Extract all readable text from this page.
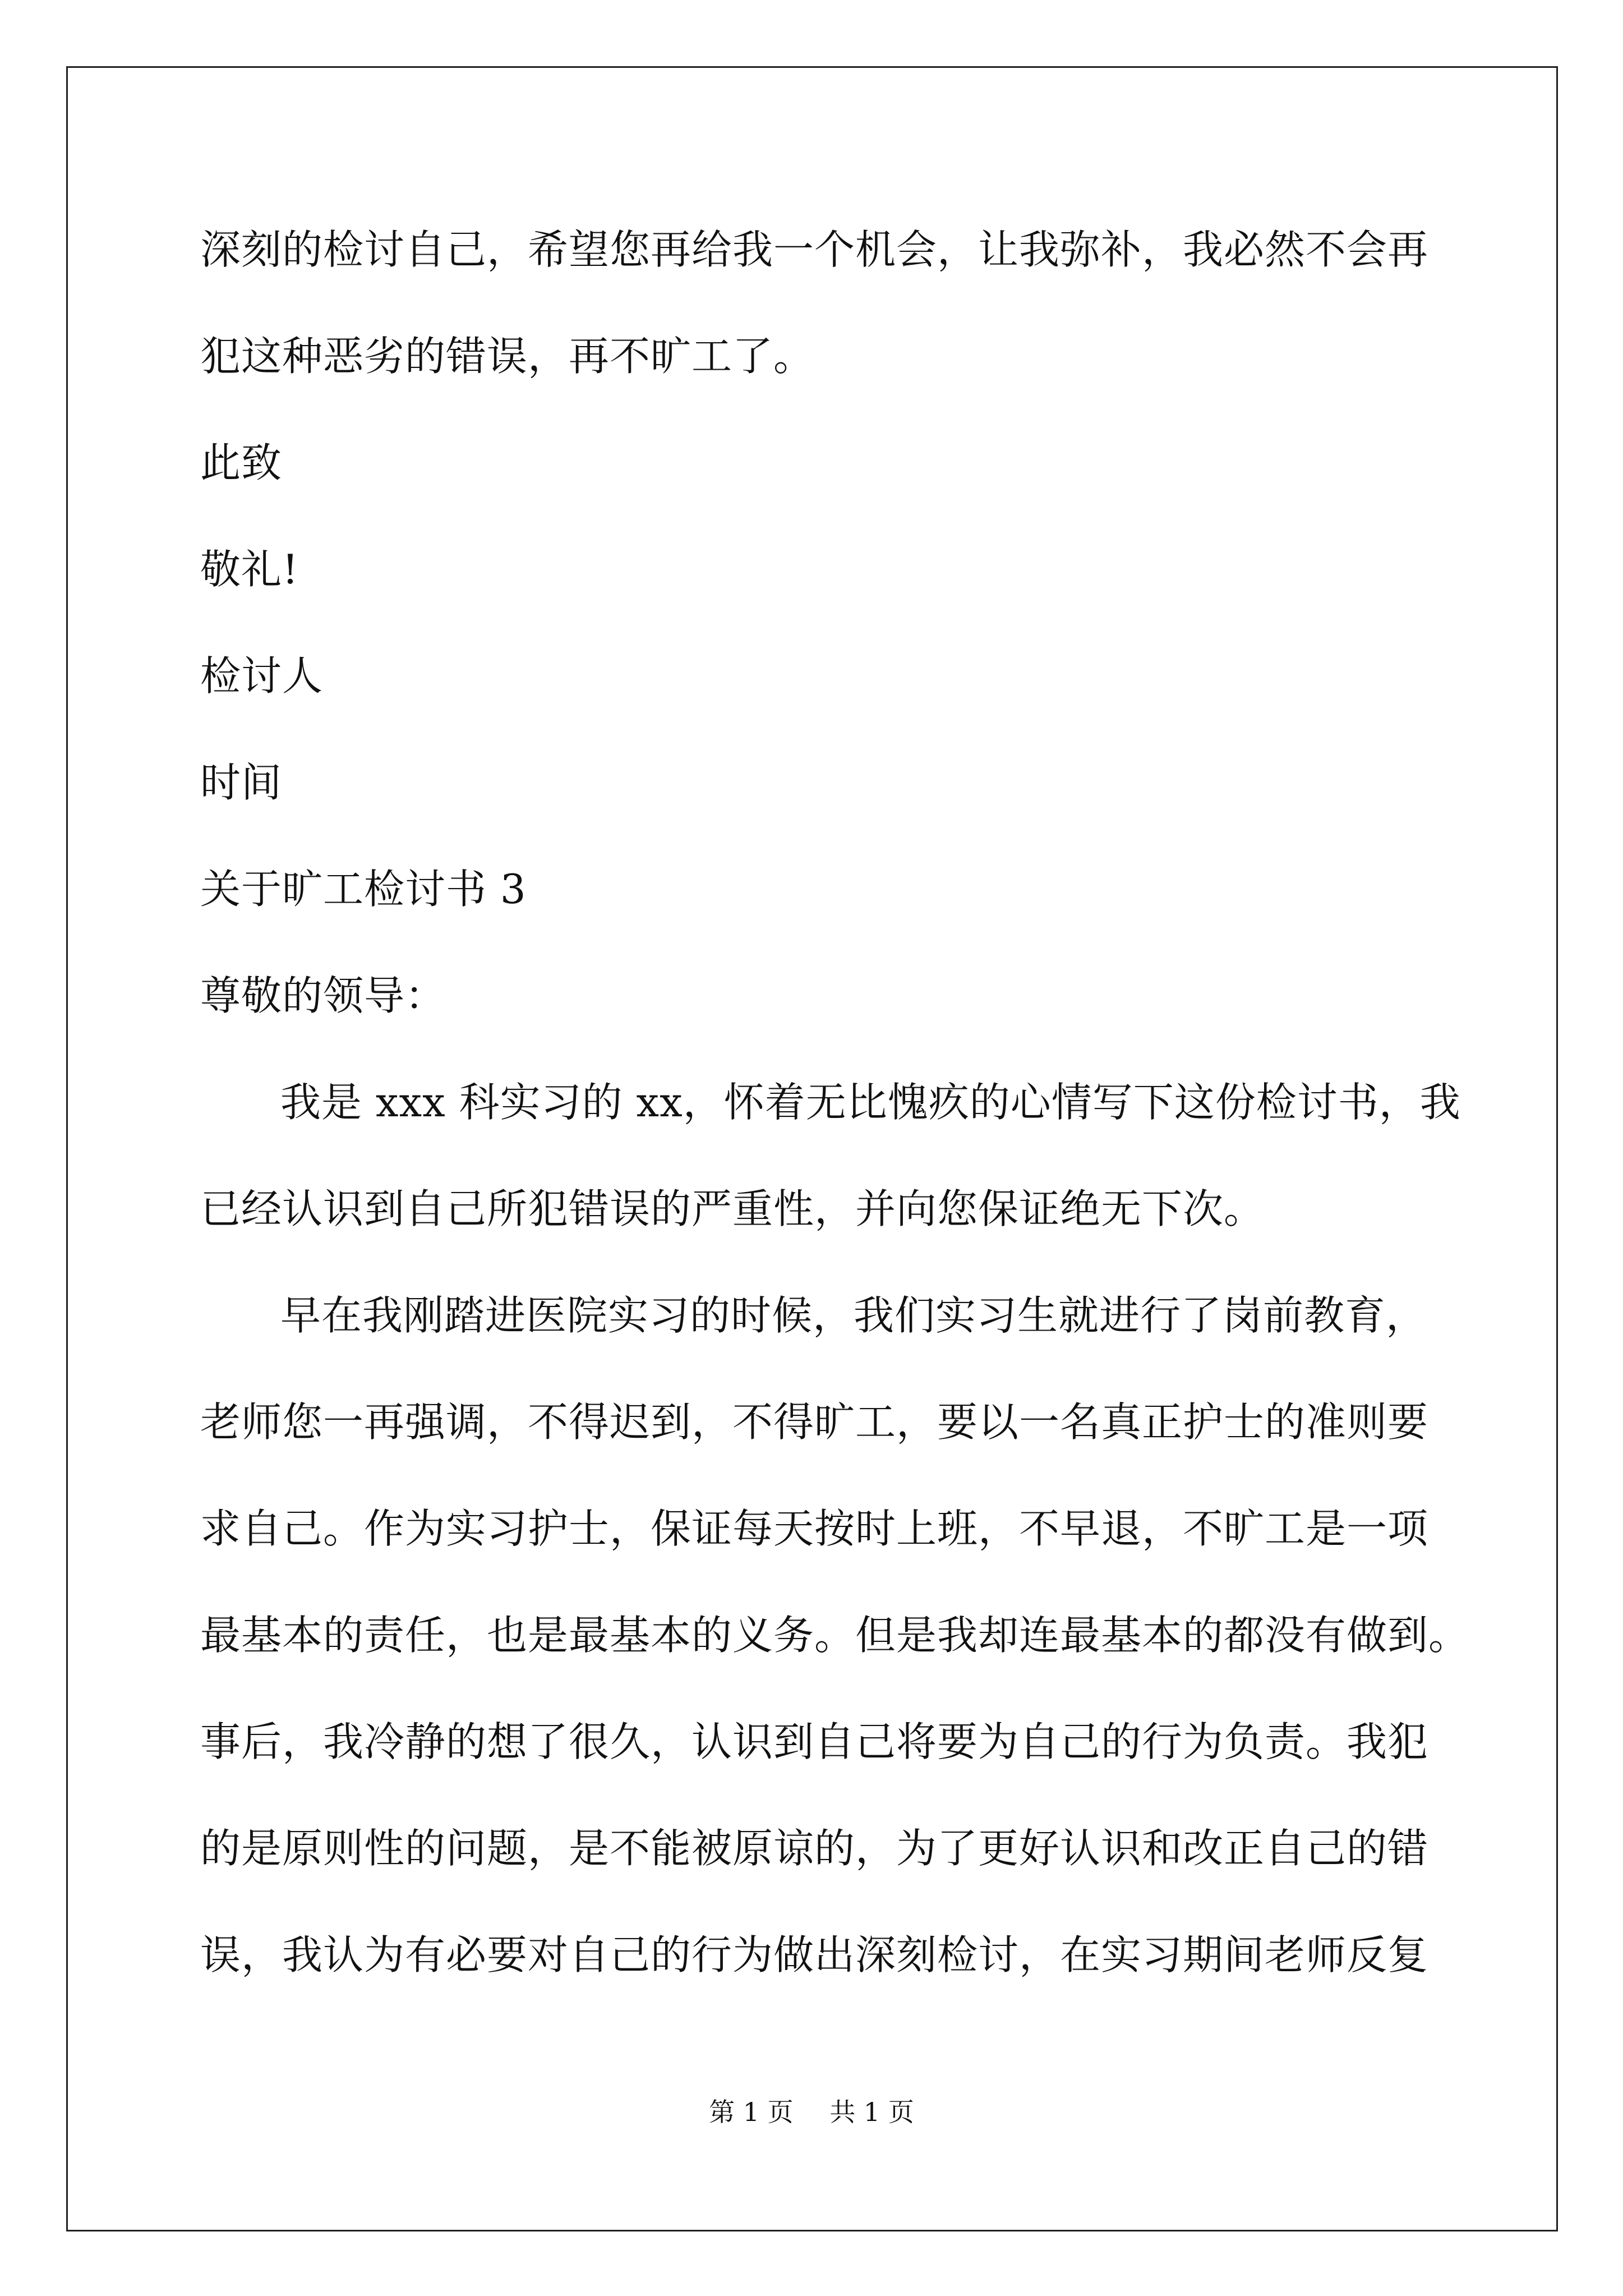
深刻的检讨自己，希望您再给我一个机会，让我弥补，我必然不会再
犯这种恶劣的错误，再不旷工了。
此致
敬礼!
检讨人
时间
关于旷工检讨书 3
尊敬的领导：
我是 xxx 科实习的 xx，怀着无比愧疚的心情写下这份检讨书，我
已经认识到自己所犯错误的严重性，并向您保证绝无下次。
早在我刚踏进医院实习的时候，我们实习生就进行了岗前教育，
老师您一再强调，不得迟到，不得旷工，要以一名真正护士的准则要
求自己。作为实习护士，保证每天按时上班，不早退，不旷工是一项
最基本的责任，也是最基本的义务。但是我却连最基本的都没有做到。
事后，我冷静的想了很久，认识到自己将要为自己的行为负责。我犯
的是原则性的问题，是不能被原谅的，为了更好认识和改正自己的错
误，我认为有必要对自己的行为做出深刻检讨，在实习期间老师反复
第 1 页 共 1 页
